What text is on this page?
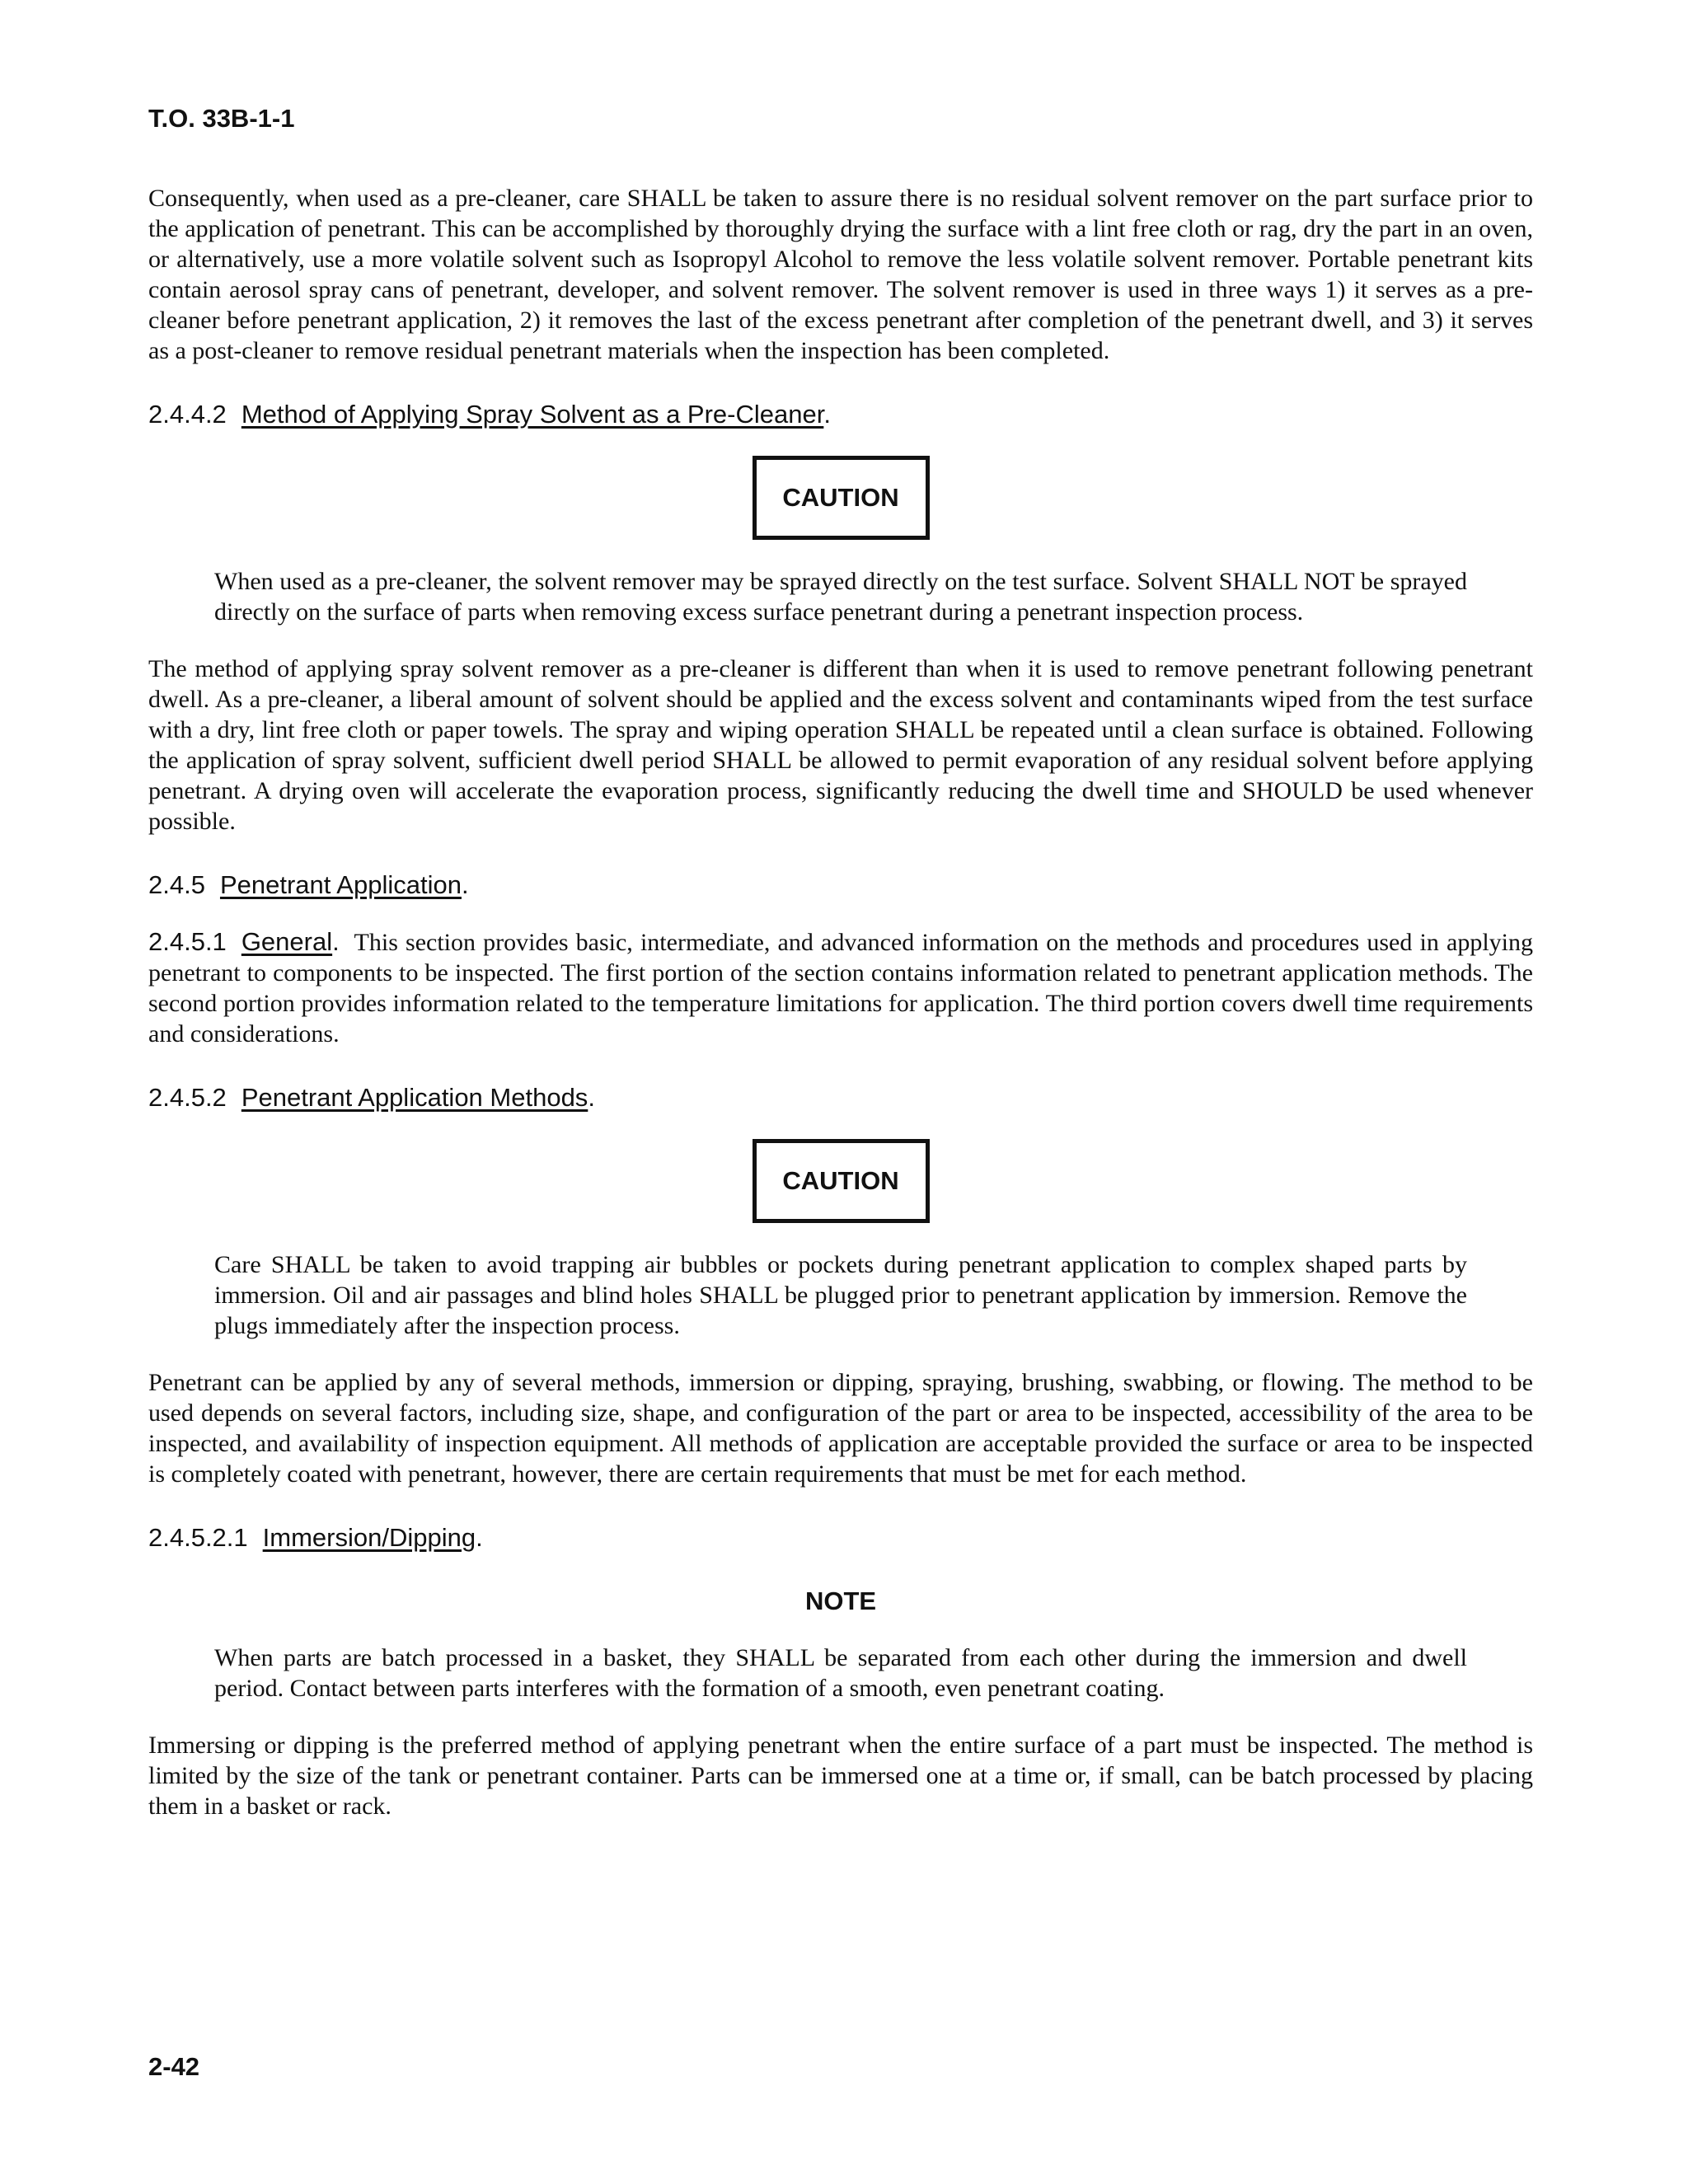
T.O. 33B-1-1

Consequently, when used as a pre-cleaner, care SHALL be taken to assure there is no residual solvent remover on the part surface prior to the application of penetrant. This can be accomplished by thoroughly drying the surface with a lint free cloth or rag, dry the part in an oven, or alternatively, use a more volatile solvent such as Isopropyl Alcohol to remove the less volatile solvent remover. Portable penetrant kits contain aerosol spray cans of penetrant, developer, and solvent remover. The solvent remover is used in three ways 1) it serves as a pre-cleaner before penetrant application, 2) it removes the last of the excess penetrant after completion of the penetrant dwell, and 3) it serves as a post-cleaner to remove residual penetrant materials when the inspection has been completed.

2.4.4.2 Method of Applying Spray Solvent as a Pre-Cleaner.

CAUTION

When used as a pre-cleaner, the solvent remover may be sprayed directly on the test surface. Solvent SHALL NOT be sprayed directly on the surface of parts when removing excess surface penetrant during a penetrant inspection process.

The method of applying spray solvent remover as a pre-cleaner is different than when it is used to remove penetrant following penetrant dwell. As a pre-cleaner, a liberal amount of solvent should be applied and the excess solvent and contaminants wiped from the test surface with a dry, lint free cloth or paper towels. The spray and wiping operation SHALL be repeated until a clean surface is obtained. Following the application of spray solvent, sufficient dwell period SHALL be allowed to permit evaporation of any residual solvent before applying penetrant. A drying oven will accelerate the evaporation process, significantly reducing the dwell time and SHOULD be used whenever possible.

2.4.5 Penetrant Application.

2.4.5.1 General. This section provides basic, intermediate, and advanced information on the methods and procedures used in applying penetrant to components to be inspected. The first portion of the section contains information related to penetrant application methods. The second portion provides information related to the temperature limitations for application. The third portion covers dwell time requirements and considerations.

2.4.5.2 Penetrant Application Methods.

CAUTION

Care SHALL be taken to avoid trapping air bubbles or pockets during penetrant application to complex shaped parts by immersion. Oil and air passages and blind holes SHALL be plugged prior to penetrant application by immersion. Remove the plugs immediately after the inspection process.

Penetrant can be applied by any of several methods, immersion or dipping, spraying, brushing, swabbing, or flowing. The method to be used depends on several factors, including size, shape, and configuration of the part or area to be inspected, accessibility of the area to be inspected, and availability of inspection equipment. All methods of application are acceptable provided the surface or area to be inspected is completely coated with penetrant, however, there are certain requirements that must be met for each method.

2.4.5.2.1 Immersion/Dipping.

NOTE

When parts are batch processed in a basket, they SHALL be separated from each other during the immersion and dwell period. Contact between parts interferes with the formation of a smooth, even penetrant coating.

Immersing or dipping is the preferred method of applying penetrant when the entire surface of a part must be inspected. The method is limited by the size of the tank or penetrant container. Parts can be immersed one at a time or, if small, can be batch processed by placing them in a basket or rack.

2-42
